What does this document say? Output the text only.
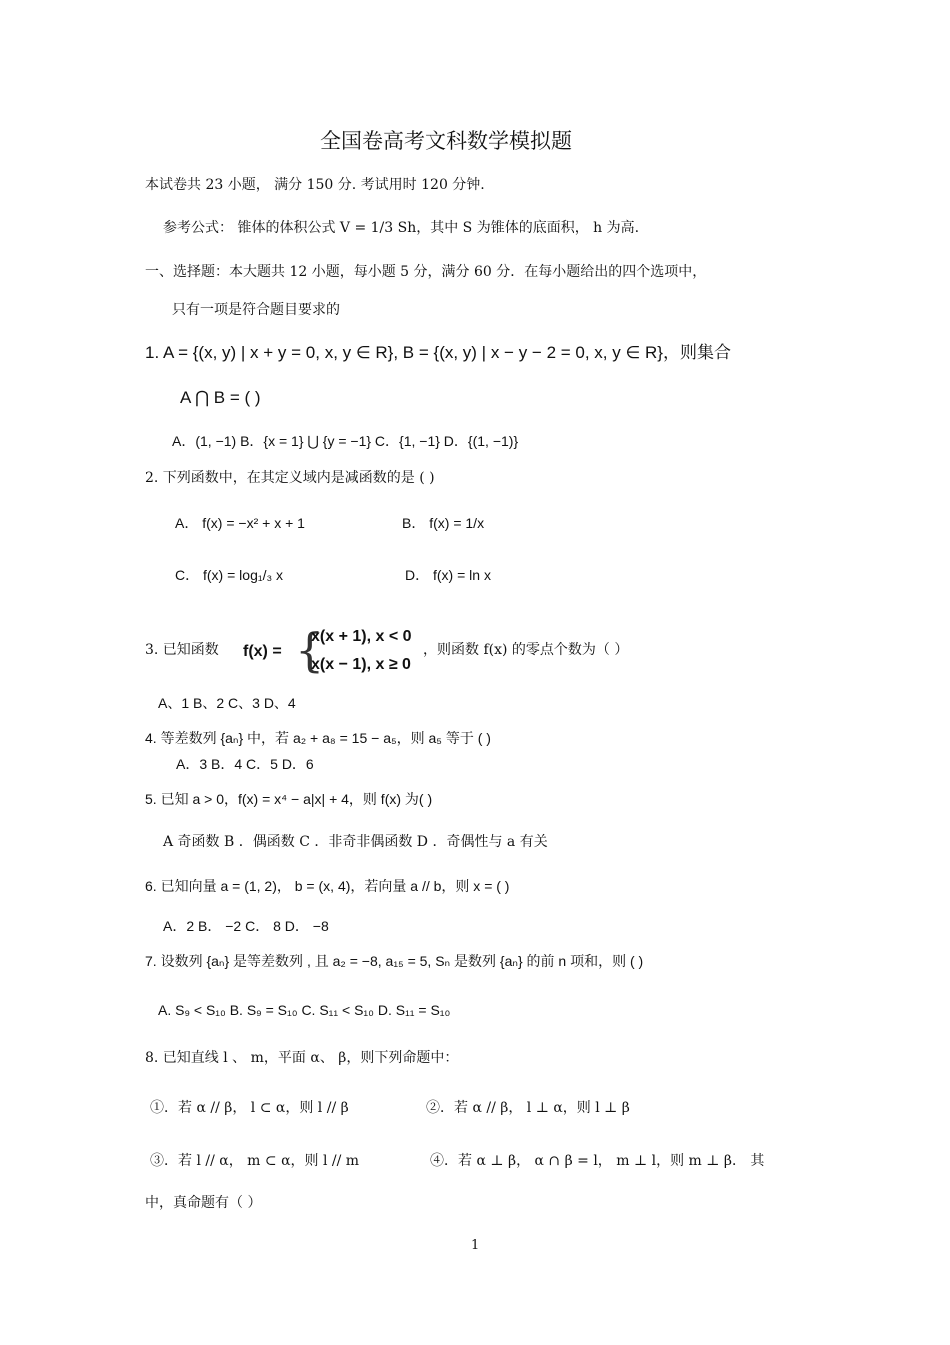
全国卷高考文科数学模拟题
本试卷共 23 小题， 满分 150 分. 考试用时 120 分钟.
参考公式： 锥体的体积公式 V = 1/3 Sh，其中 S 为锥体的底面积， h 为高.
一、选择题：本大题共 12 小题，每小题 5 分，满分 60 分．在每小题给出的四个选项中，
只有一项是符合题目要求的
1. A = {(x, y) | x + y = 0, x, y ∈ R}, B = {(x, y) | x − y − 2 = 0, x, y ∈ R}，则集合
A ⋂ B = ( )
A．(1, −1) B．{x = 1} ⋃ {y = −1} C．{1, −1} D．{(1, −1)}
2. 下列函数中，在其定义域内是减函数的是 ( )
A． f(x) = −x² + x + 1	B． f(x) = 1/x
C． f(x) = log₁/₃ x	D． f(x) = ln x
3. 已知函数 f(x) = {
x(x + 1), x < 0
x(x − 1), x ≥ 0
，则函数 f(x) 的零点个数为（ ）
A、1 B、2 C、3 D、4
4. 等差数列 {aₙ} 中，若 a₂ + a₈ = 15 − a₅，则 a₅ 等于 ( )
A．3 B．4 C．5 D．6
5. 已知 a > 0，f(x) = x⁴ − a|x| + 4，则 f(x) 为( )
A 奇函数 B ．偶函数 C ．非奇非偶函数 D ．奇偶性与 a 有关
6. 已知向量 a = (1, 2)， b = (x, 4)，若向量 a // b，则 x = ( )
A．2 B． −2 C． 8 D． −8
7. 设数列 {aₙ} 是等差数列 , 且 a₂ = −8, a₁₅ = 5, Sₙ 是数列 {aₙ} 的前 n 项和，则 ( )
A. S₉ < S₁₀ B. S₉ = S₁₀ C. S₁₁ < S₁₀ D. S₁₁ = S₁₀
8. 已知直线 l 、 m，平面 α、 β，则下列命题中：
①．若 α // β， l ⊂ α，则 l // β	②．若 α // β， l ⊥ α，则 l ⊥ β
③．若 l // α， m ⊂ α，则 l // m	④．若 α ⊥ β， α ∩ β = l， m ⊥ l，则 m ⊥ β． 其
中，真命题有（ ）
1
